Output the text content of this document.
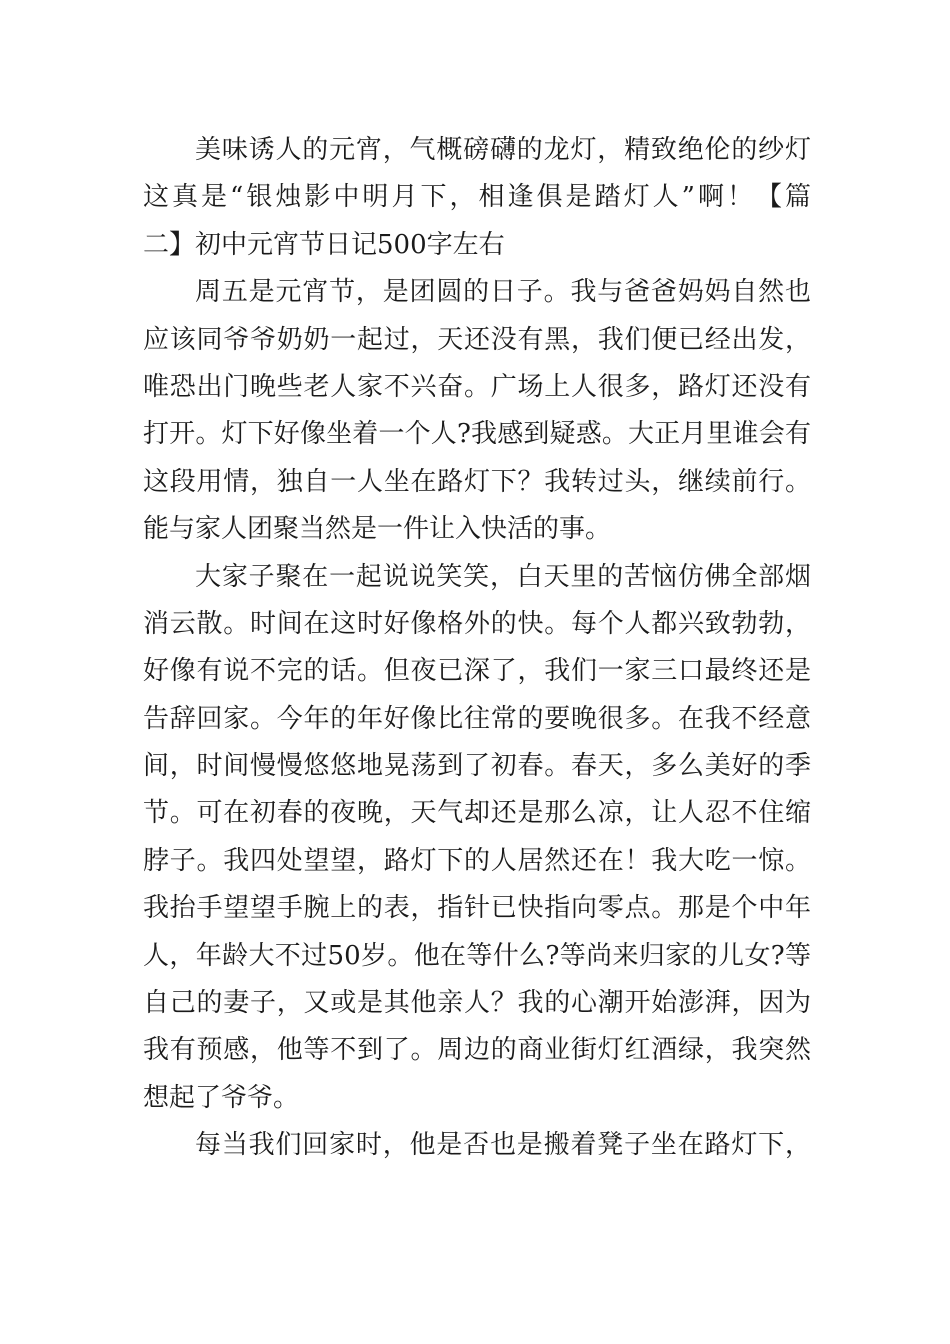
美味诱人的元宵，气概磅礴的龙灯，精致绝伦的纱灯
这真是“银烛影中明月下，相逢俱是踏灯人”啊！【篇
二】初中元宵节日记500字左右
周五是元宵节，是团圆的日子。我与爸爸妈妈自然也
应该同爷爷奶奶一起过，天还没有黑，我们便已经出发，
唯恐出门晚些老人家不兴奋。广场上人很多，路灯还没有
打开。灯下好像坐着一个人?我感到疑惑。大正月里谁会有
这段用情，独自一人坐在路灯下？我转过头，继续前行。
能与家人团聚当然是一件让入快活的事。
大家子聚在一起说说笑笑，白天里的苦恼仿佛全部烟
消云散。时间在这时好像格外的快。每个人都兴致勃勃，
好像有说不完的话。但夜已深了，我们一家三口最终还是
告辞回家。今年的年好像比往常的要晚很多。在我不经意
间，时间慢慢悠悠地晃荡到了初春。春天，多么美好的季
节。可在初春的夜晚，天气却还是那么凉，让人忍不住缩
脖子。我四处望望，路灯下的人居然还在！我大吃一惊。
我抬手望望手腕上的表，指针已快指向零点。那是个中年
人，年龄大不过50岁。他在等什么?等尚来归家的儿女?等
自己的妻子，又或是其他亲人？我的心潮开始澎湃，因为
我有预感，他等不到了。周边的商业街灯红酒绿，我突然
想起了爷爷。
每当我们回家时，他是否也是搬着凳子坐在路灯下，
